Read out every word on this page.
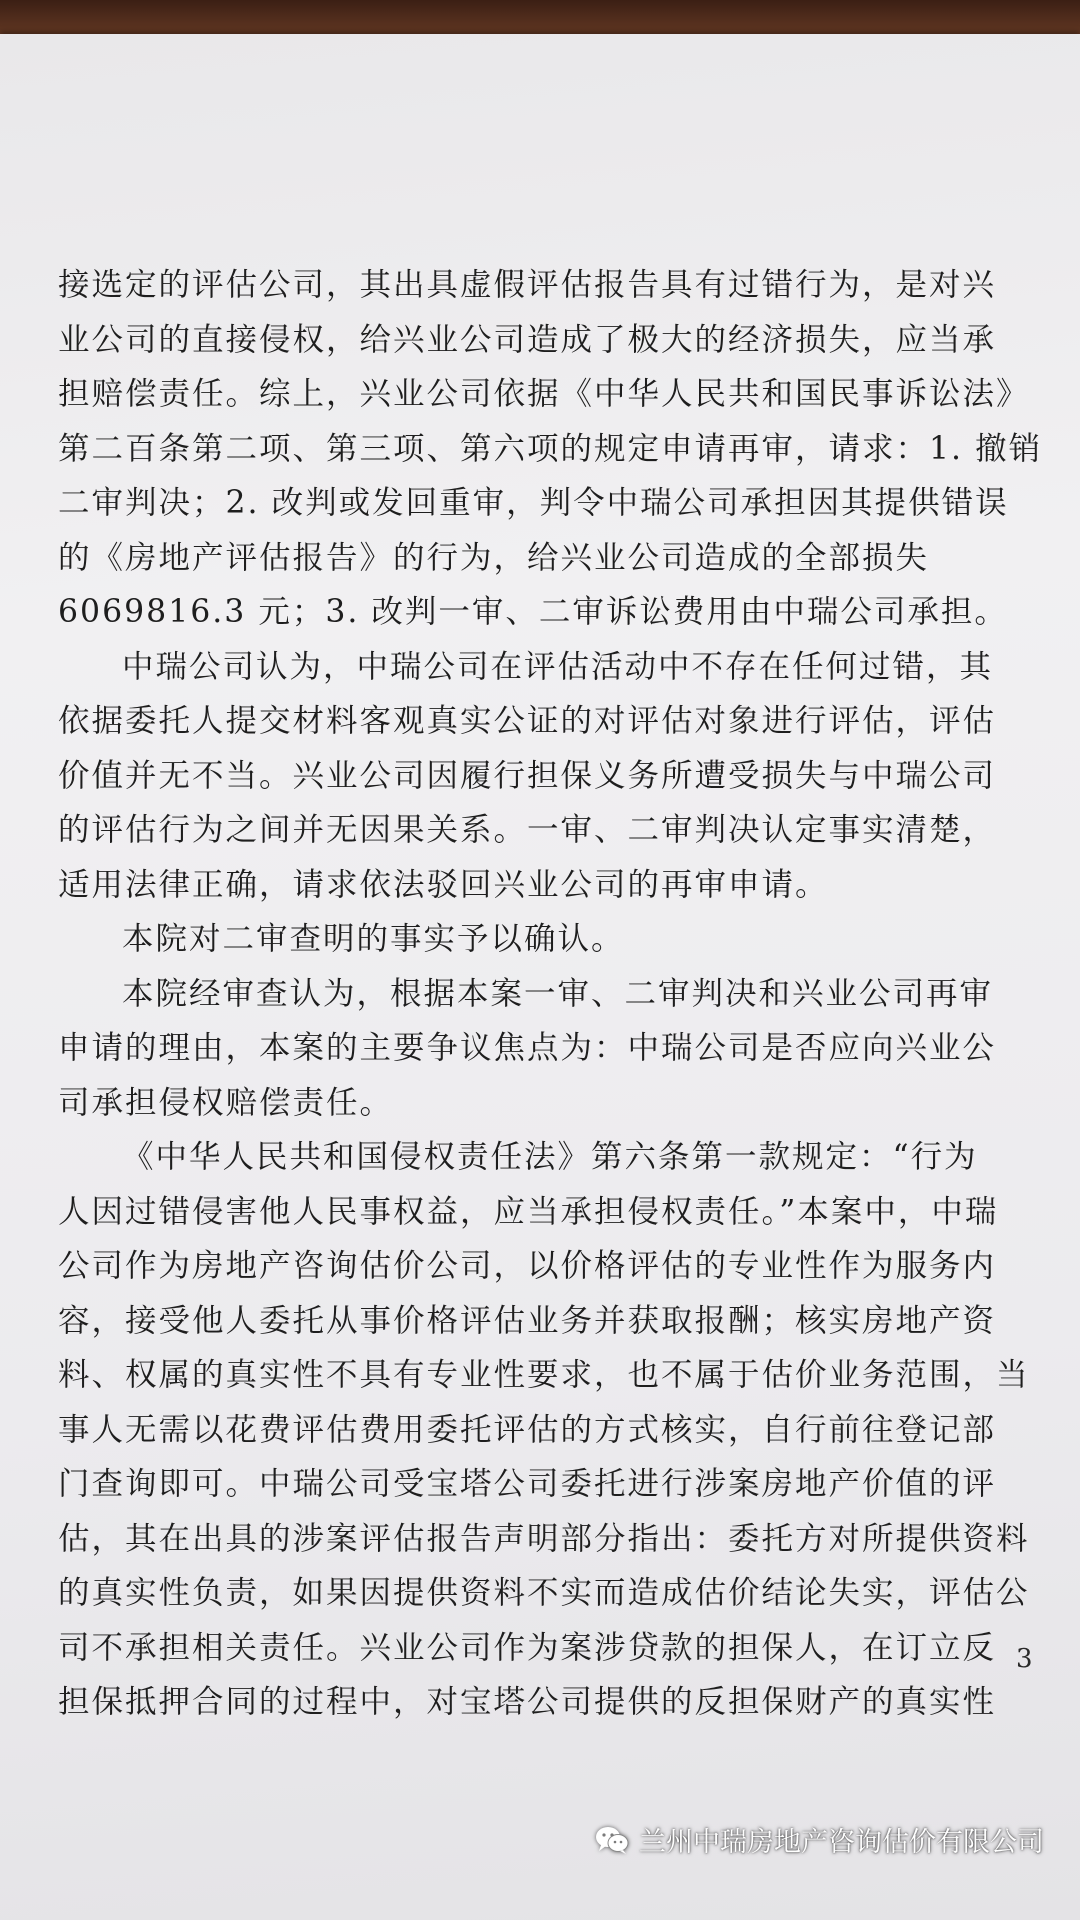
接选定的评估公司，其出具虚假评估报告具有过错行为，是对兴
业公司的直接侵权，给兴业公司造成了极大的经济损失，应当承
担赔偿责任。综上，兴业公司依据《中华人民共和国民事诉讼法》
第二百条第二项、第三项、第六项的规定申请再审，请求：1. 撤销
二审判决；2. 改判或发回重审，判令中瑞公司承担因其提供错误
的《房地产评估报告》的行为，给兴业公司造成的全部损失
6069816.3 元；3. 改判一审、二审诉讼费用由中瑞公司承担。
中瑞公司认为，中瑞公司在评估活动中不存在任何过错，其
依据委托人提交材料客观真实公证的对评估对象进行评估，评估
价值并无不当。兴业公司因履行担保义务所遭受损失与中瑞公司
的评估行为之间并无因果关系。一审、二审判决认定事实清楚，
适用法律正确，请求依法驳回兴业公司的再审申请。
本院对二审查明的事实予以确认。
本院经审查认为，根据本案一审、二审判决和兴业公司再审
申请的理由，本案的主要争议焦点为：中瑞公司是否应向兴业公
司承担侵权赔偿责任。
《中华人民共和国侵权责任法》第六条第一款规定：“行为
人因过错侵害他人民事权益，应当承担侵权责任。”本案中，中瑞
公司作为房地产咨询估价公司，以价格评估的专业性作为服务内
容，接受他人委托从事价格评估业务并获取报酬；核实房地产资
料、权属的真实性不具有专业性要求，也不属于估价业务范围，当
事人无需以花费评估费用委托评估的方式核实，自行前往登记部
门查询即可。中瑞公司受宝塔公司委托进行涉案房地产价值的评
估，其在出具的涉案评估报告声明部分指出：委托方对所提供资料
的真实性负责，如果因提供资料不实而造成估价结论失实，评估公
司不承担相关责任。兴业公司作为案涉贷款的担保人，在订立反
担保抵押合同的过程中，对宝塔公司提供的反担保财产的真实性
3
兰州中瑞房地产咨询估价有限公司
